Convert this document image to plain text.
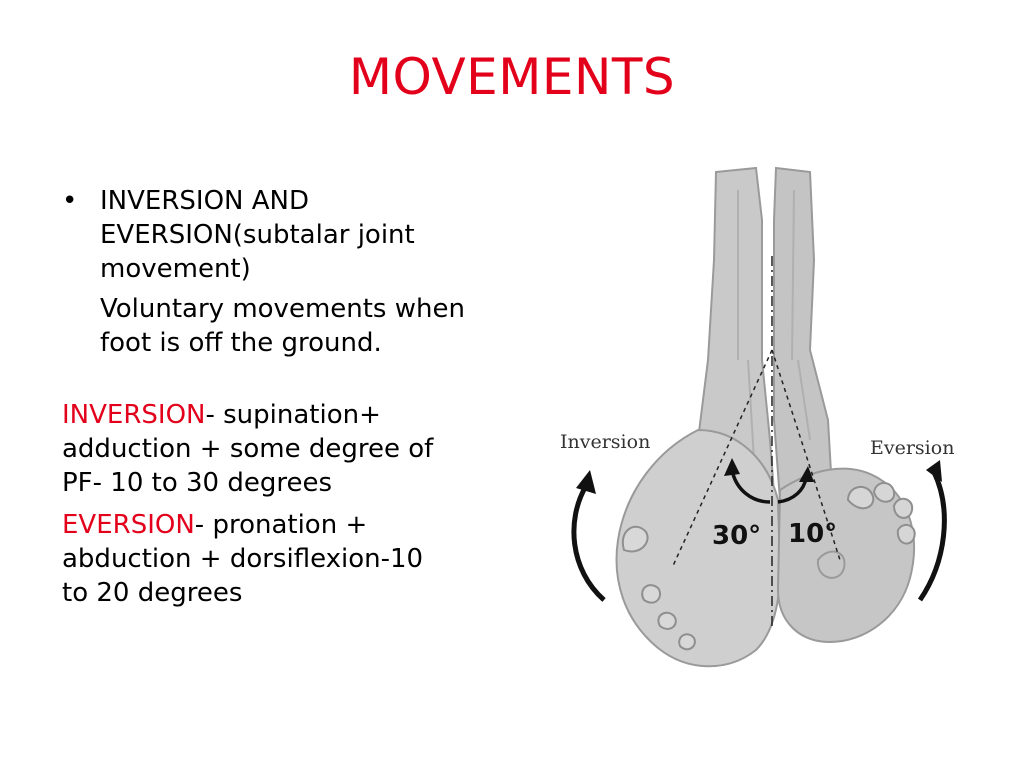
MOVEMENTS
• INVERSION AND
EVERSION(subtalar joint
movement)
Voluntary movements when
foot is off the ground.
INVERSION- supination+
adduction + some degree of
PF- 10 to 30 degrees
EVERSION- pronation +
abduction + dorsiflexion-10
to 20 degrees
Inversion	Eversion
30° 10°
